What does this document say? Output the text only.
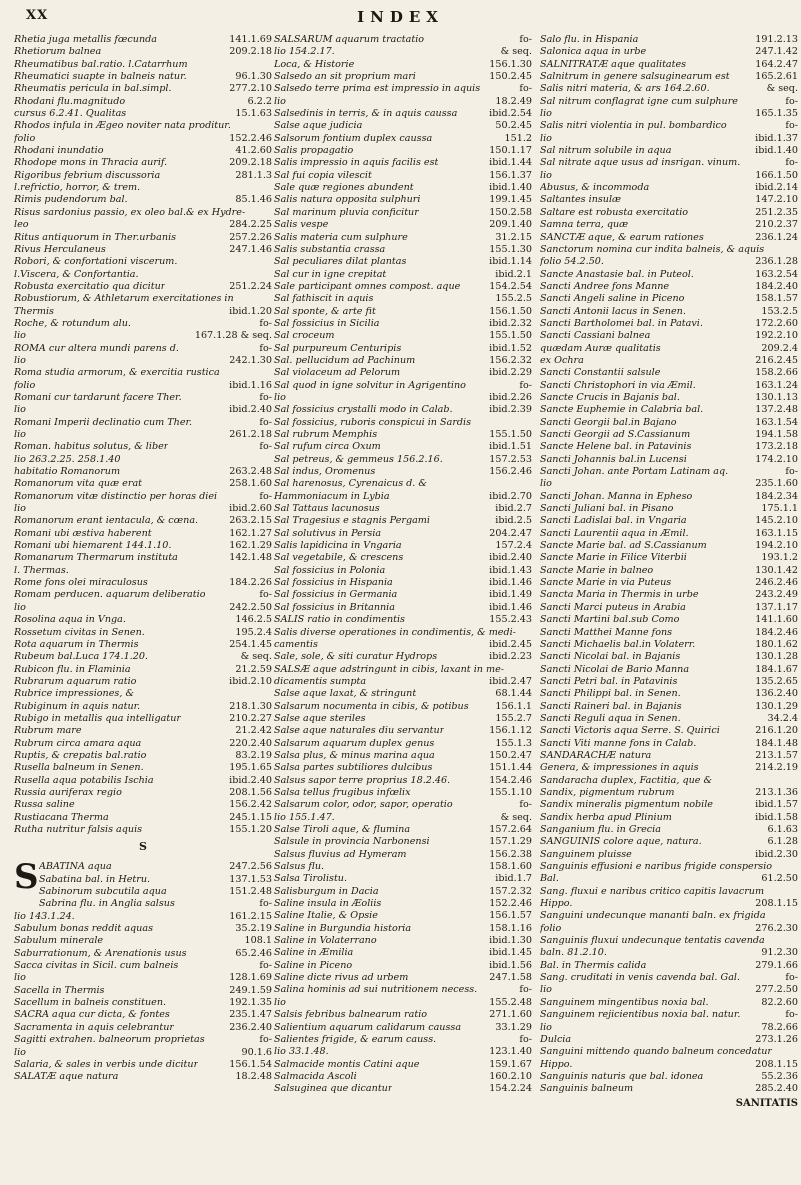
XX	INDEX
Rhetia juga metallis fœcunda	141.1.69
Rhetiorum balnea	209.2.18
Rheumatibus bal.ratio. l.Catarrhum
Rheumatici suapte in balneis natur.	96.1.30
Rheumatis pericula in bal.simpl.	277.2.10
Rhodani flu.magnitudo	6.2.2
cursus 6.2.41. Qualitas	15.1.63
Rhodos infula in Ægeo noviter nata proditur.
folio	152.2.46
Rhodani inundatio	41.2.60
Rhodope mons in Thracia aurif.	209.2.18
Rigoribus febrium discussoria	281.1.3
l.refrictio, horror, & trem.
Rimis pudendorum bal.	85.1.46
Risus sardonius passio, ex oleo bal.& ex Hydre-
leo	284.2.25
Ritus antiquorum in Ther.urbanis	257.2.26
Rivus Herculaneus	247.1.46
Robori, & confortationi viscerum.
l.Viscera, & Confortantia.
Robusta exercitatio qua dicitur	251.2.24
Robustiorum, & Athletarum exercitationes in
Thermis	ibid.1.20
Roche, & rotundum alu.	fo-
lio	167.1.28 & seq.
ROMA cur altera mundi parens d.	fo-
lio	242.1.30
Roma studia armorum, & exercitia rustica
folio	ibid.1.16
Romani cur tardarunt facere Ther.	fo-
lio	ibid.2.40
Romani Imperii declinatio cum Ther.	fo-
lio	261.2.18
Roman. habitus solutus, & liber	fo-
lio 263.2.25. 258.1.40
habitatio Romanorum	263.2.48
Romanorum vita quæ erat	258.1.60
Romanorum vitæ distinctio per horas diei	fo-
lio	ibid.2.60
Romanorum erant ientacula, & cœna.	263.2.15
Romani ubi æstiva haberent	162.1.27
Romani ubi hiemarent 144.1.10.	162.1.29
Romanarum Thermarum instituta	142.1.48
l. Thermas.
Rome fons olei miraculosus	184.2.26
Romam perducen. aquarum deliberatio	fo-
lio	242.2.50
Rosolina aqua in Vnga.	146.2.5
Rossetum civitas in Senen.	195.2.4
Rota aquarum in Thermis	254.1.45
Rubeum bal.Luca 174.1.20.	& seq.
Rubicon flu. in Flaminia	21.2.59
Rubrarum aquarum ratio	ibid.2.10
Rubrice impressiones, &
Rubiginum in aquis natur.	218.1.30
Rubigo in metallis qua intelligatur	210.2.27
Rubrum mare	21.2.42
Rubrum circa amara aqua	220.2.40
Ruptis, & crepatis bal.ratio	83.2.19
Rusella balneum in Senen.	195.1.65
Rusella aqua potabilis Ischia	ibid.2.40
Russia auriferax regio	208.1.56
Russa saline	156.2.42
Rustiacana Therma	245.1.15
Rutha nutritur falsis aquis	155.1.20
S
S ABATINA aqua	247.2.56
Sabatina bal. in Hetru.	137.1.53
Sabinorum subcutila aqua	151.2.48
Sabrina flu. in Anglia salsus	fo-
lio 143.1.24.	161.2.15
Sabulum bonas reddit aquas	35.2.19
Sabulum minerale	108.1
Saburrationum, & Arenationis usus	65.2.46
Sacca civitas in Sicil. cum balneis	fo-
lio	128.1.69
Sacella in Thermis	249.1.59
Sacellum in balneis constituen.	192.1.35
SACRA aqua cur dicta, & fontes	235.1.47
Sacramenta in aquis celebrantur	236.2.40
Sagitti extrahen. balneorum proprietas	fo-
lio	90.1.6
Salaria, & sales in verbis unde dicitur	156.1.54
SALATÆ aque natura	18.2.48
SALSARUM aquarum tractatio	fo-
lio 154.2.17.	& seq.
Loca, & Historie	156.1.30
Salsedo an sit proprium mari	150.2.45
Salsedo terre prima est impressio in aquis	fo-
lio	18.2.49
Salsedinis in terris, & in aquis caussa	ibid.2.54
Salse aque judicia	50.2.45
Salsorum fontium duplex caussa	151.2
Salis propagatio	150.1.17
Salis impressio in aquis facilis est	ibid.1.44
Sal fui copia vilescit	156.1.37
Sale quæ regiones abundent	ibid.1.40
Salis natura opposita sulphuri	199.1.45
Sal marinum pluvia conficitur	150.2.58
Salis vespe	209.1.40
Salis materia cum sulphure	31.2.15
Salis substantia crassa	155.1.30
Sal peculiares dilat plantas	ibid.1.14
Sal cur in igne crepitat	ibid.2.1
Sale participant omnes compost. aque	154.2.54
Sal fathiscit in aquis	155.2.5
Sal sponte, & arte fit	156.1.50
Sal fossicius in Sicilia	ibid.2.32
Sal croceum	155.1.50
Sal purpureum Centuripis	ibid.1.52
Sal. pellucidum ad Pachinum	156.2.32
Sal violaceum ad Pelorum	ibid.2.29
Sal quod in igne solvitur in Agrigentino	fo-
lio	ibid.2.26
Sal fossicius crystalli modo in Calab.	ibid.2.39
Sal fossicius, ruboris conspicui in Sardis
Sal rubrum Memphis	155.1.50
Sal rufum circa Oxum	ibid.1.51
Sal petreus, & gemmeus 156.2.16.	157.2.53
Sal indus, Oromenus	156.2.46
Sal harenosus, Cyrenaicus d. &
Hammoniacum in Lybia	ibid.2.70
Sal Tattaus lacunosus	ibid.2.7
Sal Tragesius e stagnis Pergami	ibid.2.5
Sal solutivus in Persia	204.2.47
Salis lapidicina in Vngaria	157.2.4
Sal vegetabile, & crescens	ibid.2.40
Sal fossicius in Polonia	ibid.1.43
Sal fossicius in Hispania	ibid.1.46
Sal fossicius in Germania	ibid.1.49
Sal fossicius in Britannia	ibid.1.46
SALIS ratio in condimentis	155.2.43
Salis diverse operationes in condimentis, & medi-
camentis	ibid.2.45
Sale, sole, & siti curatur Hydrops	ibid.2.23
SALSÆ aque adstringunt in cibis, laxant in me-
dicamentis sumpta	ibid.2.47
Salse aque laxat, & stringunt	68.1.44
Salsarum nocumenta in cibis, & potibus	156.1.1
Salse aque steriles	155.2.7
Salse aque naturales diu servantur	156.1.12
Salsarum aquarum duplex genus	155.1.3
Salsa plus, & minus marina aqua	150.2.47
Salsa partes subtiliores dulcibus	151.1.44
Salsus sapor terre proprius 18.2.46.	154.2.46
Salsa tellus frugibus infœlix	155.1.10
Salsarum color, odor, sapor, operatio	fo-
lio 155.1.47.	& seq.
Salse Tiroli aque, & flumina	157.2.64
Salsule in provincia Narbonensi	157.1.29
Salsus fluvius ad Hymeram	156.2.38
Salsus flu.	158.1.60
Salsa Tirolistu.	ibid.1.7
Salisburgum in Dacia	157.2.32
Saline insula in Æoliis	152.2.46
Saline Italie, & Opsie	156.1.57
Saline in Burgundia historia	158.1.16
Saline in Volaterrano	ibid.1.30
Saline in Æmilia	ibid.1.45
Saline in Piceno	ibid.1.56
Saline dicte rivus ad urbem	247.1.58
Salina hominis ad sui nutritionem necess.	fo-
lio	155.2.48
Salsis febribus balnearum ratio	271.1.60
Salientium aquarum calidarum caussa	33.1.29
Salientes frigide, & earum causs.	fo-
lio 33.1.48.	123.1.40
Salmacide montis Catini aque	159.1.67
Salmacida Ascoli	160.2.10
Salsuginea que dicantur	154.2.24
Salo flu. in Hispania	191.2.13
Salonica aqua in urbe	247.1.42
SALNITRATÆ aque qualitates	164.2.47
Salnitrum in genere salsuginearum est	165.2.61
Salis nitri materia, & ars 164.2.60.	& seq.
Sal nitrum conflagrat igne cum sulphure	fo-
lio	165.1.35
Salis nitri violentia in pul. bombardico	fo-
lio	ibid.1.37
Sal nitrum solubile in aqua	ibid.1.40
Sal nitrate aque usus ad insrigan. vinum.	fo-
lio	166.1.50
Abusus, & incommoda	ibid.2.14
Saltantes insulæ	147.2.10
Saltare est robusta exercitatio	251.2.35
Samna terra, quæ	210.2.37
SANCTÆ aque, & earum rationes	236.1.24
Sanctorum nomina cur indita balneis, & aquis
folio 54.2.50.	236.1.28
Sancte Anastasie bal. in Puteol.	163.2.54
Sancti Andree fons Manne	184.2.40
Sancti Angeli saline in Piceno	158.1.57
Sancti Antonii lacus in Senen.	153.2.5
Sancti Bartholomei bal. in Patavi.	172.2.60
Sancti Cassiani balnea	192.2.10
quædam Auræ qualitatis	209.2.4
ex Ochra	216.2.45
Sancti Constantii salsule	158.2.66
Sancti Christophori in via Æmil.	163.1.24
Sancte Crucis in Bajanis bal.	130.1.13
Sancte Euphemie in Calabria bal.	137.2.48
Sancti Georgii bal.in Bajano	163.1.54
Sancti Georgii ad S.Cassianum	194.1.58
Sancte Helene bal. in Patavinis	173.2.18
Sancti Johannis bal.in Lucensi	174.2.10
Sancti Johan. ante Portam Latinam aq.	fo-
lio	235.1.60
Sancti Johan. Manna in Epheso	184.2.34
Sancti Juliani bal. in Pisano	175.1.1
Sancti Ladislai bal. in Vngaria	145.2.10
Sancti Laurentii aqua in Æmil.	163.1.15
Sancte Marie bal. ad S.Cassianum	194.2.10
Sancte Marie in Filice Viterbii	193.1.2
Sancte Marie in balneo	130.1.42
Sancte Marie in via Puteus	246.2.46
Sancta Maria in Thermis in urbe	243.2.49
Sancti Marci puteus in Arabia	137.1.17
Sancti Martini bal.sub Como	141.1.60
Sancti Matthei Manne fons	184.2.46
Sancti Michaelis bal.in Volaterr.	180.1.62
Sancti Nicolai bal. in Bajanis	130.1.28
Sancti Nicolai de Bario Manna	184.1.67
Sancti Petri bal. in Patavinis	135.2.65
Sancti Philippi bal. in Senen.	136.2.40
Sancti Raineri bal. in Bajanis	130.1.29
Sancti Reguli aqua in Senen.	34.2.4
Sancti Victoris aqua Serre. S. Quirici	216.1.20
Sancti Viti manne fons in Calab.	184.1.48
SANDARACHÆ natura	213.1.57
Genera, & impressiones in aquis	214.2.19
Sandaracha duplex, Factitia, que &
Sandix, pigmentum rubrum	213.1.36
Sandix mineralis pigmentum nobile	ibid.1.57
Sandix herba apud Plinium	ibid.1.58
Sanganium flu. in Grecia	6.1.63
SANGUINIS colore aque, natura.	6.1.28
Sanguinem pluisse	ibid.2.30
Sanguinis effusioni e naribus frigide conspersio
Bal.	61.2.50
Sang. fluxui e naribus critico capitis lavacrum
Hippo.	208.1.15
Sanguini undecunque mananti baln. ex frigida
folio	276.2.30
Sanguinis fluxui undecunque tentatis cavenda
baln. 81.2.10.	91.2.30
Bal. in Thermis calida	279.1.66
Sang. cruditati in venis cavenda bal. Gal.	fo-
lio	277.2.50
Sanguinem mingentibus noxia bal.	82.2.60
Sanguinem rejicientibus noxia bal. natur.	fo-
lio	78.2.66
Dulcia	273.1.26
Sanguini mittendo quando balneum concedatur
Hippo.	208.1.15
Sanguinis naturis que bal. idonea	55.2.36
Sanguinis balneum	285.2.40
SANITATIS
